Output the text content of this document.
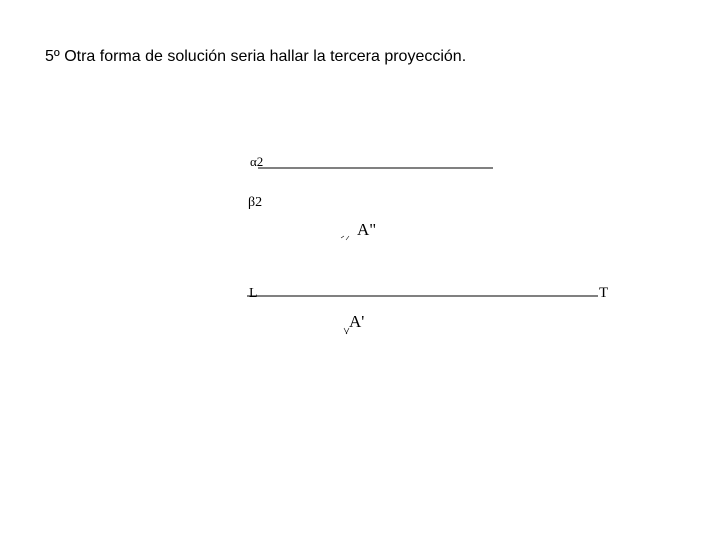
5º Otra forma de solución seria hallar la tercera proyección.
α2
β2
A"
L	T
A'
